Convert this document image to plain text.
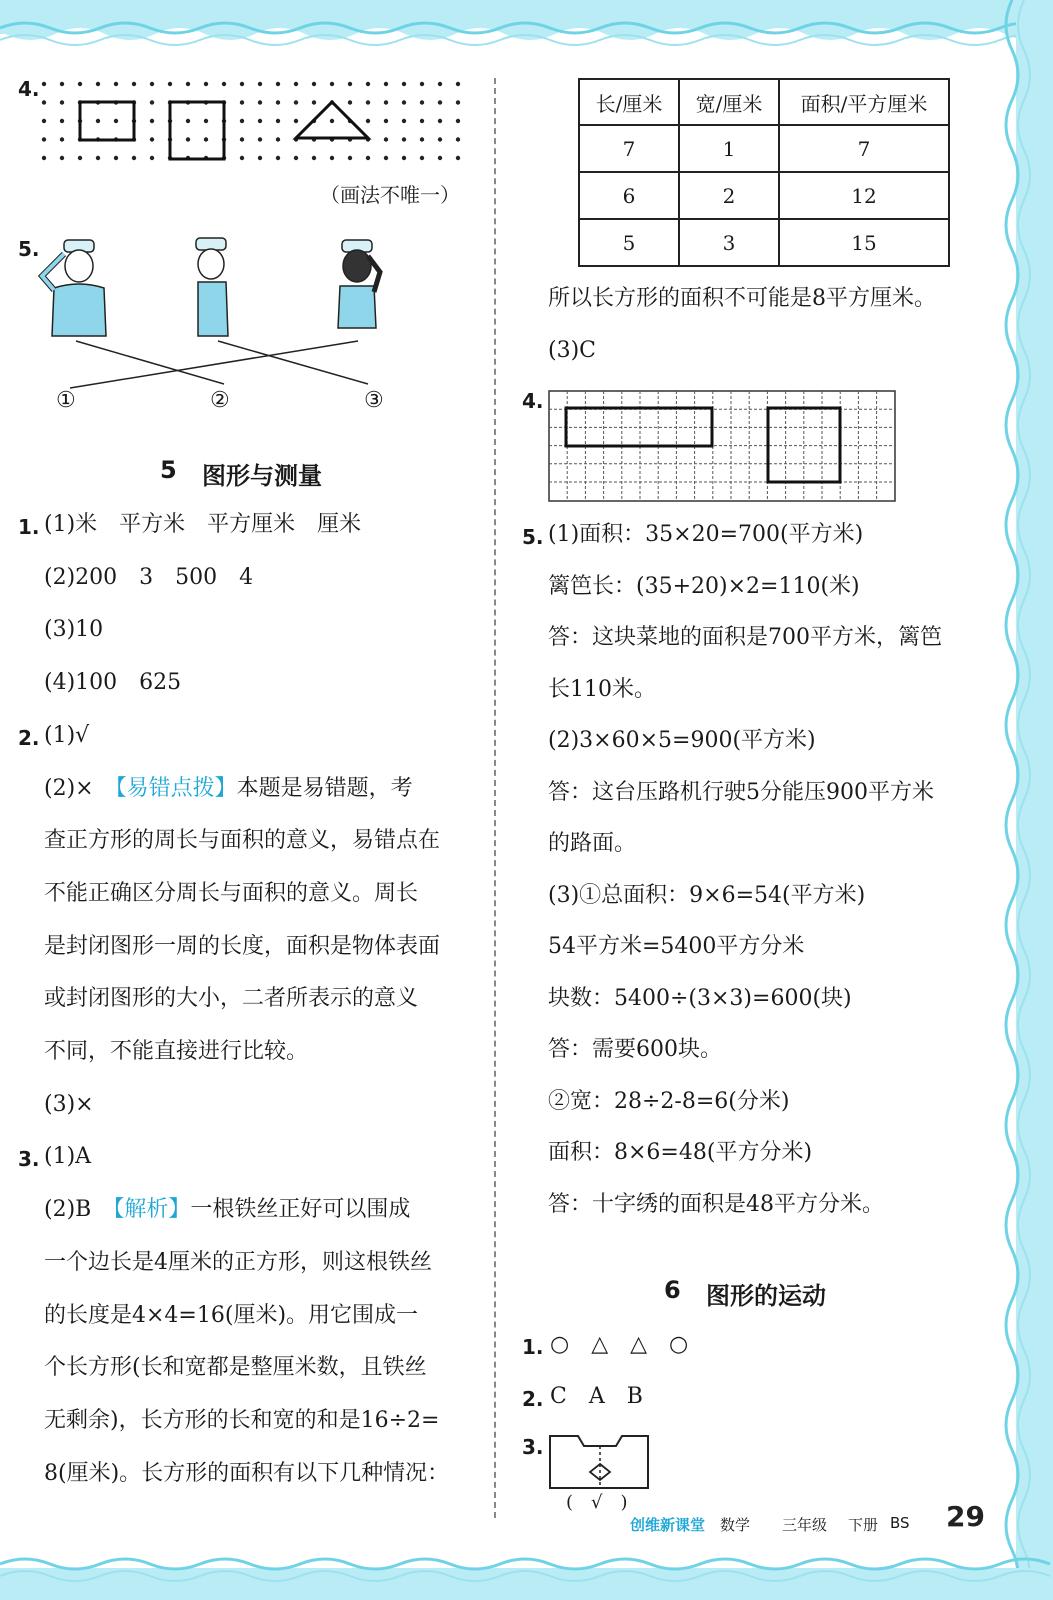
4.
（画法不唯一）
5.
①	②	③
5 图形与测量
1. (1)米　平方米　平方厘米　厘米
(2)200　3　500　4
(3)10
(4)100　625
2. (1)√
(2)×　【易错点拨】本题是易错题，考
查正方形的周长与面积的意义，易错点在
不能正确区分周长与面积的意义。周长
是封闭图形一周的长度，面积是物体表面
或封闭图形的大小，二者所表示的意义
不同，不能直接进行比较。
(3)×
3. (1)A
(2)B　【解析】一根铁丝正好可以围成
一个边长是4厘米的正方形，则这根铁丝
的长度是4×4=16(厘米)。用它围成一
个长方形(长和宽都是整厘米数，且铁丝
无剩余)，长方形的长和宽的和是16÷2=
8(厘米)。长方形的面积有以下几种情况：
长/厘米	宽/厘米	面积/平方厘米
7	1	7
6	2	12
5	3	15
所以长方形的面积不可能是8平方厘米。
(3)C
4.
5. (1)面积：35×20=700(平方米)
篱笆长：(35+20)×2=110(米)
答：这块菜地的面积是700平方米，篱笆
长110米。
(2)3×60×5=900(平方米)
答：这台压路机行驶5分能压900平方米
的路面。
(3)①总面积：9×6=54(平方米)
54平方米=5400平方分米
块数：5400÷(3×3)=600(块)
答：需要600块。
②宽：28÷2-8=6(分米)
面积：8×6=48(平方分米)
答：十字绣的面积是48平方分米。
6 图形的运动
1. ○　△　△　○
2. C　A　B
3.
(　√　)
创维新课堂 数学 三年级 下册 BS 29
